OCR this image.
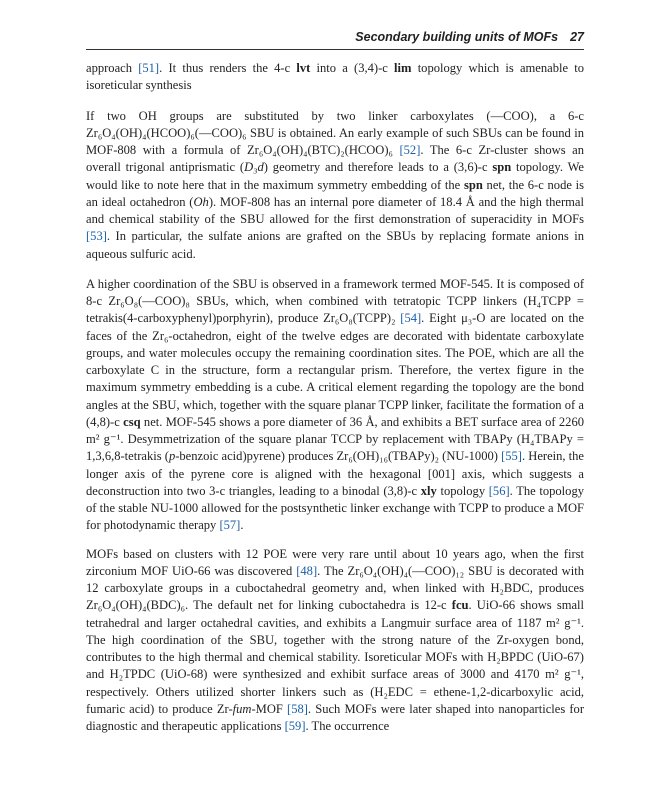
Secondary building units of MOFs 27

approach [51]. It thus renders the 4-c lvt into a (3,4)-c lim topology which is amenable to isoreticular synthesis

If two OH groups are substituted by two linker carboxylates (—COO), a 6-c Zr₆O₄(OH)₄(HCOO)₆(—COO)₆ SBU is obtained. An early example of such SBUs can be found in MOF-808 with a formula of Zr₆O₄(OH)₄(BTC)₂(HCOO)₆ [52]. The 6-c Zr-cluster shows an overall trigonal antiprismatic (D₃d) geometry and therefore leads to a (3,6)-c spn topology. We would like to note here that in the maximum symmetry embedding of the spn net, the 6-c node is an ideal octahedron (Oh). MOF-808 has an internal pore diameter of 18.4 Å and the high thermal and chemical stability of the SBU allowed for the first demonstration of superacidity in MOFs [53]. In particular, the sulfate anions are grafted on the SBUs by replacing formate anions in aqueous sulfuric acid.

A higher coordination of the SBU is observed in a framework termed MOF-545. It is composed of 8-c Zr₆O₈(—COO)₈ SBUs, which, when combined with tetratopic TCPP linkers (H₄TCPP = tetrakis(4-carboxyphenyl)porphyrin), produce Zr₆O₈(TCPP)₂ [54]. Eight μ₃-O are located on the faces of the Zr₆-octahedron, eight of the twelve edges are decorated with bidentate carboxylate groups, and water molecules occupy the remaining coordination sites. The POE, which are all the carboxylate C in the structure, form a rectangular prism. Therefore, the vertex figure in the maximum symmetry embedding is a cube. A critical element regarding the topology are the bond angles at the SBU, which, together with the square planar TCPP linker, facilitate the formation of a (4,8)-c csq net. MOF-545 shows a pore diameter of 36 Å, and exhibits a BET surface area of 2260 m² g⁻¹. Desymmetrization of the square planar TCCP by replacement with TBAPy (H₄TBAPy = 1,3,6,8-tetrakis (p-benzoic acid)pyrene) produces Zr₆(OH)₁₆(TBAPy)₂ (NU-1000) [55]. Herein, the longer axis of the pyrene core is aligned with the hexagonal [001] axis, which suggests a deconstruction into two 3-c triangles, leading to a binodal (3,8)-c xly topology [56]. The topology of the stable NU-1000 allowed for the postsynthetic linker exchange with TCPP to produce a MOF for photodynamic therapy [57].

MOFs based on clusters with 12 POE were very rare until about 10 years ago, when the first zirconium MOF UiO-66 was discovered [48]. The Zr₆O₄(OH)₄(—COO)₁₂ SBU is decorated with 12 carboxylate groups in a cuboctahedral geometry and, when linked with H₂BDC, produces Zr₆O₄(OH)₄(BDC)₆. The default net for linking cuboctahedra is 12-c fcu. UiO-66 shows small tetrahedral and larger octahedral cavities, and exhibits a Langmuir surface area of 1187 m² g⁻¹. The high coordination of the SBU, together with the strong nature of the Zr-oxygen bond, contributes to the high thermal and chemical stability. Isoreticular MOFs with H₂BPDC (UiO-67) and H₂TPDC (UiO-68) were synthesized and exhibit surface areas of 3000 and 4170 m² g⁻¹, respectively. Others utilized shorter linkers such as (H₂EDC = ethene-1,2-dicarboxylic acid, fumaric acid) to produce Zr-fum-MOF [58]. Such MOFs were later shaped into nanoparticles for diagnostic and therapeutic applications [59]. The occurrence
